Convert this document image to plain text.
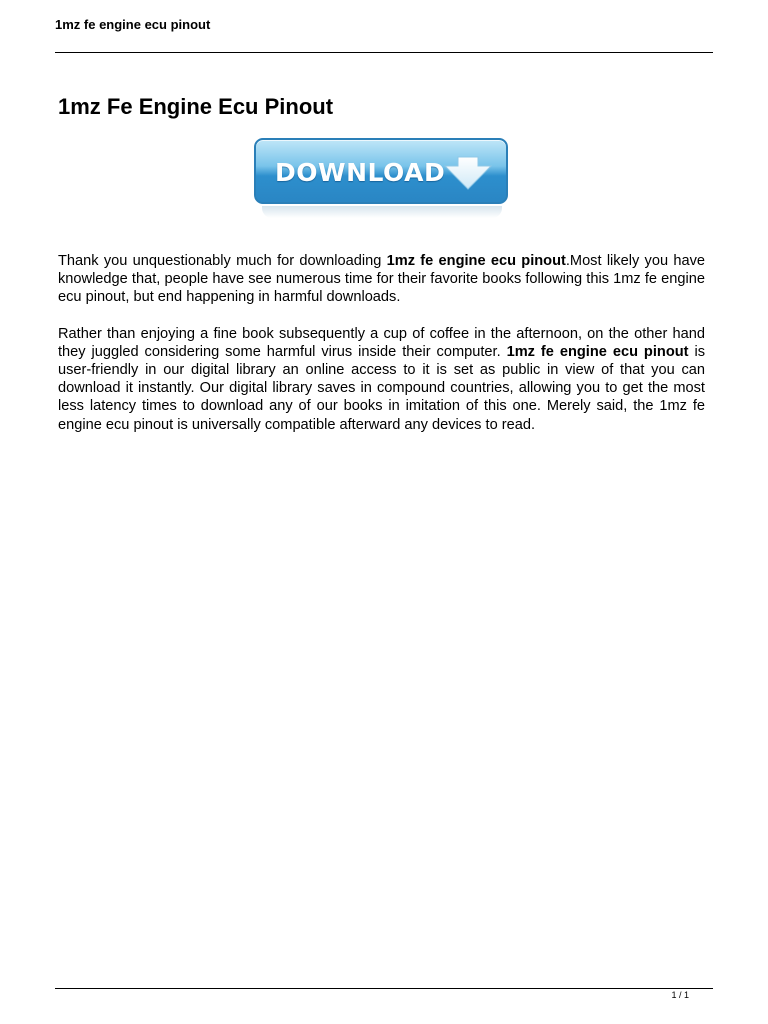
1mz fe engine ecu pinout
1mz Fe Engine Ecu Pinout
DOWNLOAD

Thank you unquestionably much for downloading 1mz fe engine ecu pinout.Most likely you have knowledge that, people have see numerous time for their favorite books following this 1mz fe engine ecu pinout, but end happening in harmful downloads.

Rather than enjoying a fine book subsequently a cup of coffee in the afternoon, on the other hand they juggled considering some harmful virus inside their computer. 1mz fe engine ecu pinout is user-friendly in our digital library an online access to it is set as public in view of that you can download it instantly. Our digital library saves in compound countries, allowing you to get the most less latency times to download any of our books in imitation of this one. Merely said, the 1mz fe engine ecu pinout is universally compatible afterward any devices to read.

1 / 1
